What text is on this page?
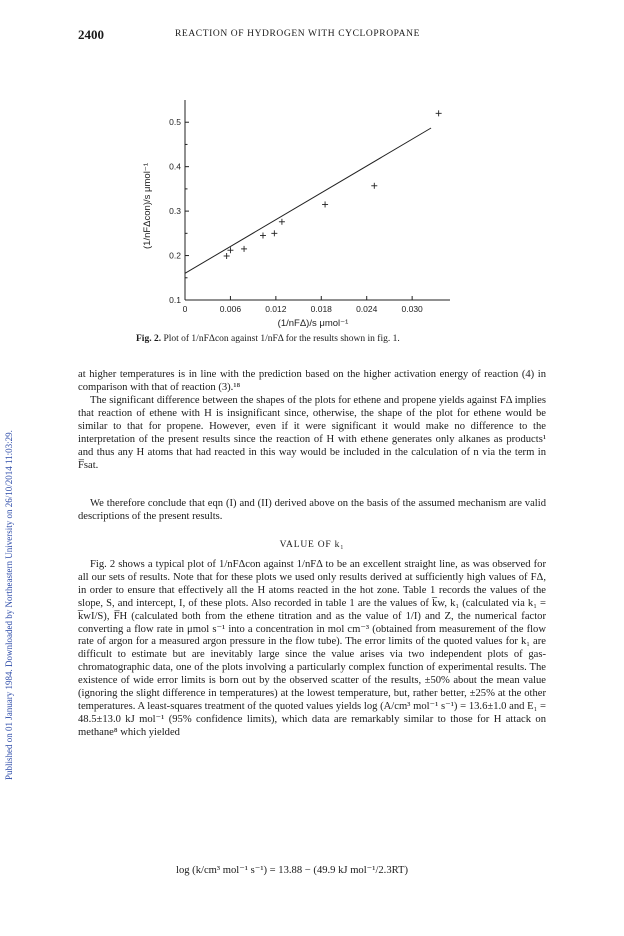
2400	REACTION OF HYDROGEN WITH CYCLOPROPANE
Published on 01 January 1984. Downloaded by Northeastern University on 26/10/2014 11:03:29.
0	0.006	0.012	0.018	0.024	0.030
0.1
0.2
0.3
0.4
0.5
(1/nFΔ)/s μmol⁻¹
(1/nFΔcon)/s μmol⁻¹
Fig. 2. Plot of 1/nFΔcon against 1/nFΔ for the results shown in fig. 1.
at higher temperatures is in line with the prediction based on the higher activation energy of reaction (4) in comparison with that of reaction (3).¹⁸
The significant difference between the shapes of the plots for ethene and propene yields against FΔ implies that reaction of ethene with H is insignificant since, otherwise, the shape of the plot for ethene would be similar to that for propene. However, even if it were significant it would make no difference to the interpretation of the present results since the reaction of H with ethene generates only alkanes as products¹ and thus any H atoms that had reacted in this way would be included in the calculation of n via the term in F̅sat.
We therefore conclude that eqn (I) and (II) derived above on the basis of the assumed mechanism are valid descriptions of the present results.
VALUE OF k₁
Fig. 2 shows a typical plot of 1/nFΔcon against 1/nFΔ to be an excellent straight line, as was observed for all our sets of results. Note that for these plots we used only results derived at sufficiently high values of FΔ, in order to ensure that effectively all the H atoms reacted in the hot zone. Table 1 records the values of the slope, S, and intercept, I, of these plots. Also recorded in table 1 are the values of k̅w, k₁ (calculated via k₁ = k̅wI/S), F̅H (calculated both from the ethene titration and as the value of 1/I) and Z, the numerical factor converting a flow rate in μmol s⁻¹ into a concentration in mol cm⁻³ (obtained from measurement of the flow rate of argon for a measured argon pressure in the flow tube). The error limits of the quoted values for k₁ are difficult to estimate but are inevitably large since the value arises via two independent plots of gas-chromatographic data, one of the plots involving a particularly complex function of experimental results. The existence of wide error limits is born out by the observed scatter of the results, ±50% about the mean value (ignoring the slight difference in temperatures) at the lowest temperature, but, rather better, ±25% at the other temperatures. A least-squares treatment of the quoted values yields log (A/cm³ mol⁻¹ s⁻¹) = 13.6±1.0 and E₁ = 48.5±13.0 kJ mol⁻¹ (95% confidence limits), which data are remarkably similar to those for H attack on methane⁸ which yielded
log (k/cm³ mol⁻¹ s⁻¹) = 13.88 − (49.9 kJ mol⁻¹/2.3RT)
